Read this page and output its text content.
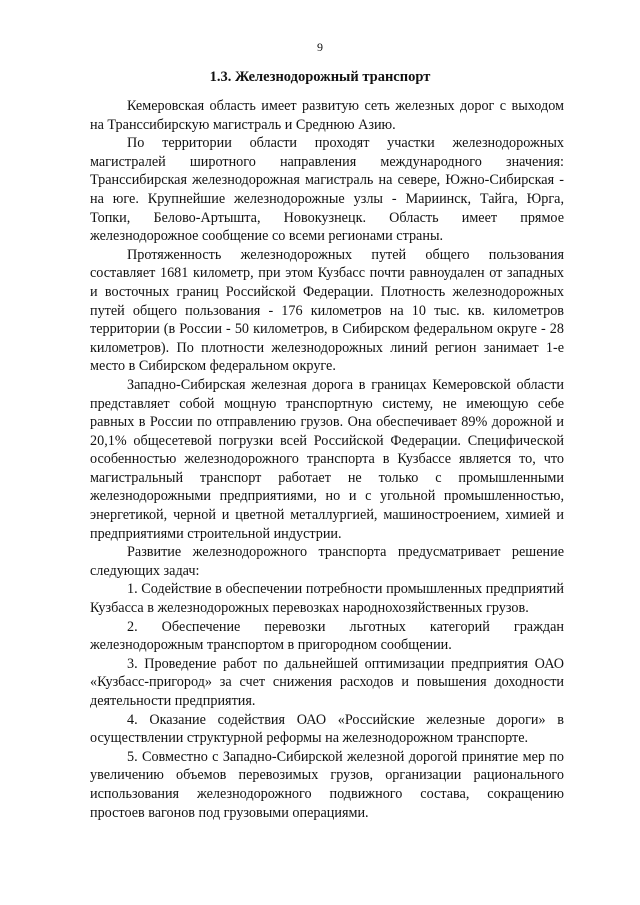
9
1.3. Железнодорожный транспорт

Кемеровская область имеет развитую сеть железных дорог с выходом на Транссибирскую магистраль и Среднюю Азию.

По территории области проходят участки железнодорожных магистралей широтного направления международного значения: Транссибирская железнодорожная магистраль на севере, Южно-Сибирская - на юге. Крупнейшие железнодорожные узлы - Мариинск, Тайга, Юрга, Топки, Белово-Артышта, Новокузнецк. Область имеет прямое железнодорожное сообщение со всеми регионами страны.

Протяженность железнодорожных путей общего пользования составляет 1681 километр, при этом Кузбасс почти равноудален от западных и восточных границ Российской Федерации. Плотность железнодорожных путей общего пользования - 176 километров на 10 тыс. кв. километров территории (в России - 50 километров, в Сибирском федеральном округе - 28 километров). По плотности железнодорожных линий регион занимает 1-е место в Сибирском федеральном округе.

Западно-Сибирская железная дорога в границах Кемеровской области представляет собой мощную транспортную систему, не имеющую себе равных в России по отправлению грузов. Она обеспечивает 89% дорожной и 20,1% общесетевой погрузки всей Российской Федерации. Специфической особенностью железнодорожного транспорта в Кузбассе является то, что магистральный транспорт работает не только с промышленными железнодорожными предприятиями, но и с угольной промышленностью, энергетикой, черной и цветной металлургией, машиностроением, химией и предприятиями строительной индустрии.

Развитие железнодорожного транспорта предусматривает решение следующих задач:

1. Содействие в обеспечении потребности промышленных предприятий Кузбасса в железнодорожных перевозках народнохозяйственных грузов.

2. Обеспечение перевозки льготных категорий граждан железнодорожным транспортом в пригородном сообщении.

3. Проведение работ по дальнейшей оптимизации предприятия ОАО «Кузбасс-пригород» за счет снижения расходов и повышения доходности деятельности предприятия.

4. Оказание содействия ОАО «Российские железные дороги» в осуществлении структурной реформы на железнодорожном транспорте.

5. Совместно с Западно-Сибирской железной дорогой принятие мер по увеличению объемов перевозимых грузов, организации рационального использования железнодорожного подвижного состава, сокращению простоев вагонов под грузовыми операциями.
